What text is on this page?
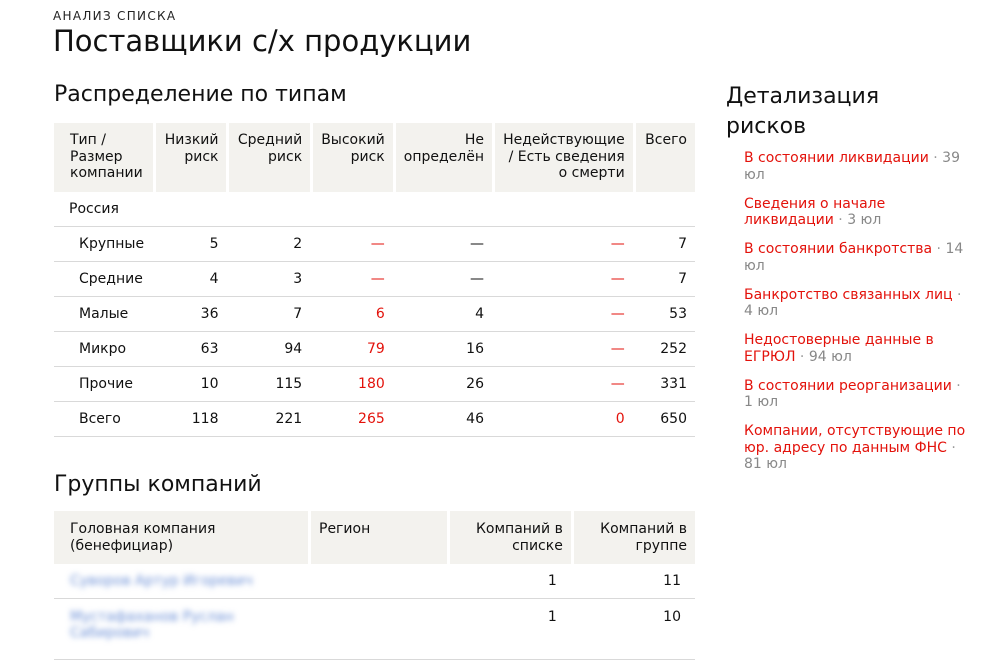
АНАЛИЗ СПИСКА
Поставщики с/х продукции
Распределение по типам
Тип / Размер компании	Низкий риск	Средний риск	Высокий риск	Не определён	Недействующие / Есть сведения о смерти	Всего
Россия						
Крупные	5	2	—	—	—	7
Средние	4	3	—	—	—	7
Малые	36	7	6	4	—	53
Микро	63	94	79	16	—	252
Прочие	10	115	180	26	—	331
Всего	118	221	265	46	0	650
Группы компаний
Головная компания (бенефициар)	Регион	Компаний в списке	Компаний в группе
Суворов Артур Игоревич		1	11
Мустафаханов Руслан Сабирович		1	10
Детализация рисков
В состоянии ликвидации · 39 юл
Сведения о начале ликвидации · 3 юл
В состоянии банкротства · 14 юл
Банкротство связанных лиц · 4 юл
Недостоверные данные в ЕГРЮЛ · 94 юл
В состоянии реорганизации · 1 юл
Компании, отсутствующие по юр. адресу по данным ФНС · 81 юл
